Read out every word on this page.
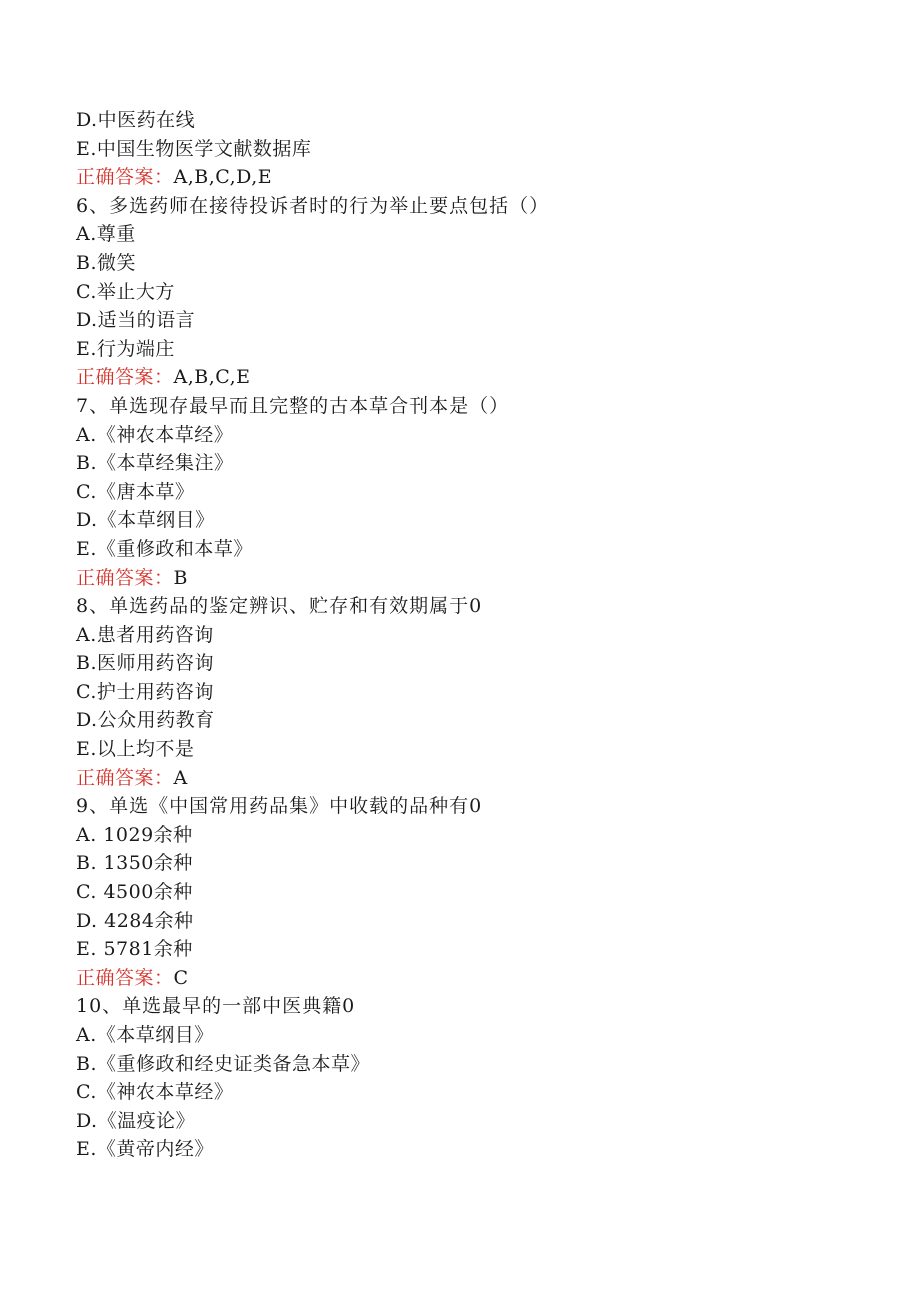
D.中医药在线
E.中国生物医学文献数据库
正确答案：A,B,C,D,E
6、多选药师在接待投诉者时的行为举止要点包括（）
A.尊重
B.微笑
C.举止大方
D.适当的语言
E.行为端庄
正确答案：A,B,C,E
7、单选现存最早而且完整的古本草合刊本是（）
A.《神农本草经》
B.《本草经集注》
C.《唐本草》
D.《本草纲目》
E.《重修政和本草》
正确答案：B
8、单选药品的鉴定辨识、贮存和有效期属于0
A.患者用药咨询
B.医师用药咨询
C.护士用药咨询
D.公众用药教育
E.以上均不是
正确答案：A
9、单选《中国常用药品集》中收载的品种有0
A. 1029余种
B. 1350余种
C. 4500余种
D. 4284余种
E. 5781余种
正确答案：C
10、单选最早的一部中医典籍0
A.《本草纲目》
B.《重修政和经史证类备急本草》
C.《神农本草经》
D.《温疫论》
E.《黄帝内经》
